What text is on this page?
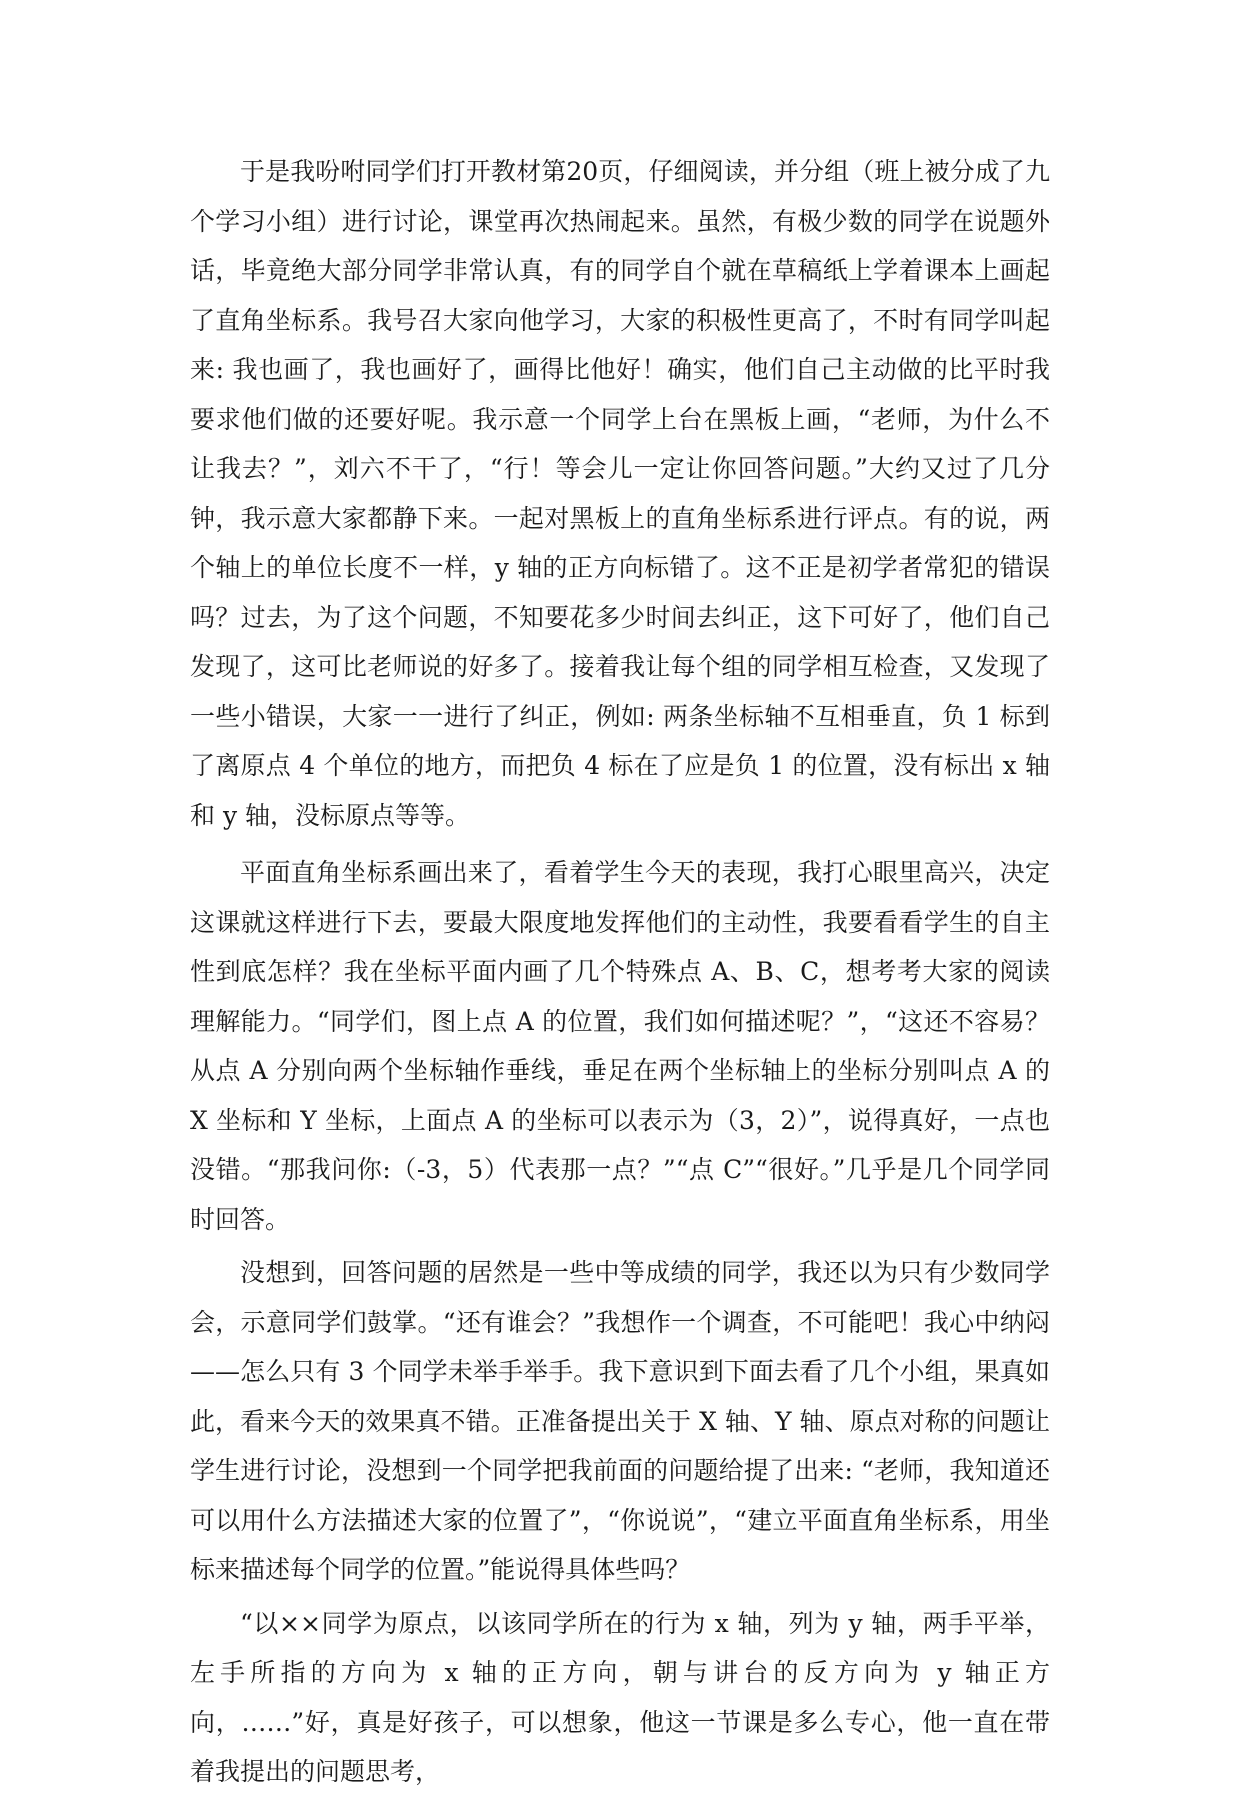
于是我吩咐同学们打开教材第20页，仔细阅读，并分组（班上被分成了九个学习小组）进行讨论，课堂再次热闹起来。虽然，有极少数的同学在说题外话，毕竟绝大部分同学非常认真，有的同学自个就在草稿纸上学着课本上画起了直角坐标系。我号召大家向他学习，大家的积极性更高了，不时有同学叫起来: 我也画了，我也画好了，画得比他好！确实，他们自己主动做的比平时我要求他们做的还要好呢。我示意一个同学上台在黑板上画，“老师，为什么不让我去？”，刘六不干了，“行！等会儿一定让你回答问题。”大约又过了几分钟，我示意大家都静下来。一起对黑板上的直角坐标系进行评点。有的说，两个轴上的单位长度不一样，y 轴的正方向标错了。这不正是初学者常犯的错误吗？过去，为了这个问题，不知要花多少时间去纠正，这下可好了，他们自己发现了，这可比老师说的好多了。接着我让每个组的同学相互检查，又发现了一些小错误，大家一一进行了纠正，例如: 两条坐标轴不互相垂直，负 1 标到了离原点 4 个单位的地方，而把负 4 标在了应是负 1 的位置，没有标出 x 轴和 y 轴，没标原点等等。

平面直角坐标系画出来了，看着学生今天的表现，我打心眼里高兴，决定这课就这样进行下去，要最大限度地发挥他们的主动性，我要看看学生的自主性到底怎样？我在坐标平面内画了几个特殊点 A、B、C，想考考大家的阅读理解能力。“同学们，图上点 A 的位置，我们如何描述呢？”，“这还不容易？从点 A 分别向两个坐标轴作垂线，垂足在两个坐标轴上的坐标分别叫点 A 的 X 坐标和 Y 坐标，上面点 A 的坐标可以表示为（3，2）”，说得真好，一点也没错。“那我问你:（-3，5）代表那一点？”“点 C”“很好。”几乎是几个同学同时回答。

没想到，回答问题的居然是一些中等成绩的同学，我还以为只有少数同学会，示意同学们鼓掌。“还有谁会？”我想作一个调查，不可能吧！我心中纳闷——怎么只有 3 个同学未举手举手。我下意识到下面去看了几个小组，果真如此，看来今天的效果真不错。正准备提出关于 X 轴、Y 轴、原点对称的问题让学生进行讨论，没想到一个同学把我前面的问题给提了出来: “老师，我知道还可以用什么方法描述大家的位置了”，“你说说”，“建立平面直角坐标系，用坐标来描述每个同学的位置。”能说得具体些吗？

“以××同学为原点，以该同学所在的行为 x 轴，列为 y 轴，两手平举，左手所指的方向为 x 轴的正方向，朝与讲台的反方向为 y 轴正方向，……”好，真是好孩子，可以想象，他这一节课是多么专心，他一直在带着我提出的问题思考，
